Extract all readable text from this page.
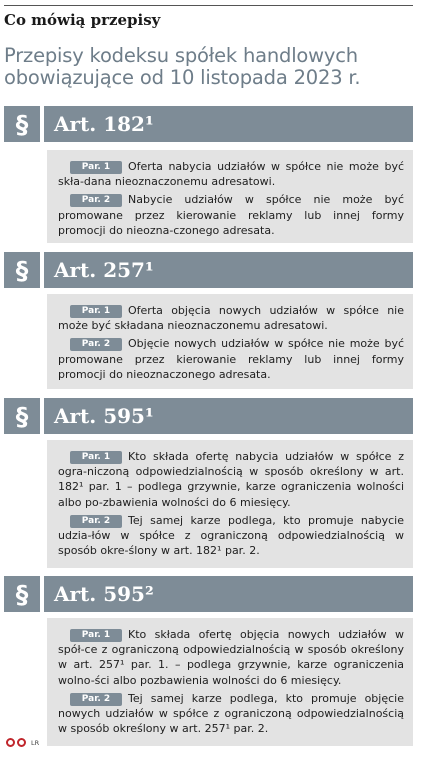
Co mówią przepisy
Przepisy kodeksu spółek handlowych obowiązujące od 10 listopada 2023 r.
§	Art. 182¹
Par. 1 Oferta nabycia udziałów w spółce nie może być skła-dana nieoznaczonemu adresatowi.
Par. 2 Nabycie udziałów w spółce nie może być promowane przez kierowanie reklamy lub innej formy promocji do nieozna-czonego adresata.
§	Art. 257¹
Par. 1 Oferta objęcia nowych udziałów w spółce nie może być składana nieoznaczonemu adresatowi.
Par. 2 Objęcie nowych udziałów w spółce nie może być promowane przez kierowanie reklamy lub innej formy promocji do nieoznaczonego adresata.
§	Art. 595¹
Par. 1 Kto składa ofertę nabycia udziałów w spółce z ogra-niczoną odpowiedzialnością w sposób określony w art. 182¹ par. 1 – podlega grzywnie, karze ograniczenia wolności albo po-zbawienia wolności do 6 miesięcy.
Par. 2 Tej samej karze podlega, kto promuje nabycie udzia-łów w spółce z ograniczoną odpowiedzialnością w sposób okre-ślony w art. 182¹ par. 2.
§	Art. 595²
Par. 1 Kto składa ofertę objęcia nowych udziałów w spół-ce z ograniczoną odpowiedzialnością w sposób określony w art. 257¹ par. 1. – podlega grzywnie, karze ograniczenia wolno-ści albo pozbawienia wolności do 6 miesięcy.
Par. 2 Tej samej karze podlega, kto promuje objęcie nowych udziałów w spółce z ograniczoną odpowiedzialnością w sposób określony w art. 257¹ par. 2.
LR
